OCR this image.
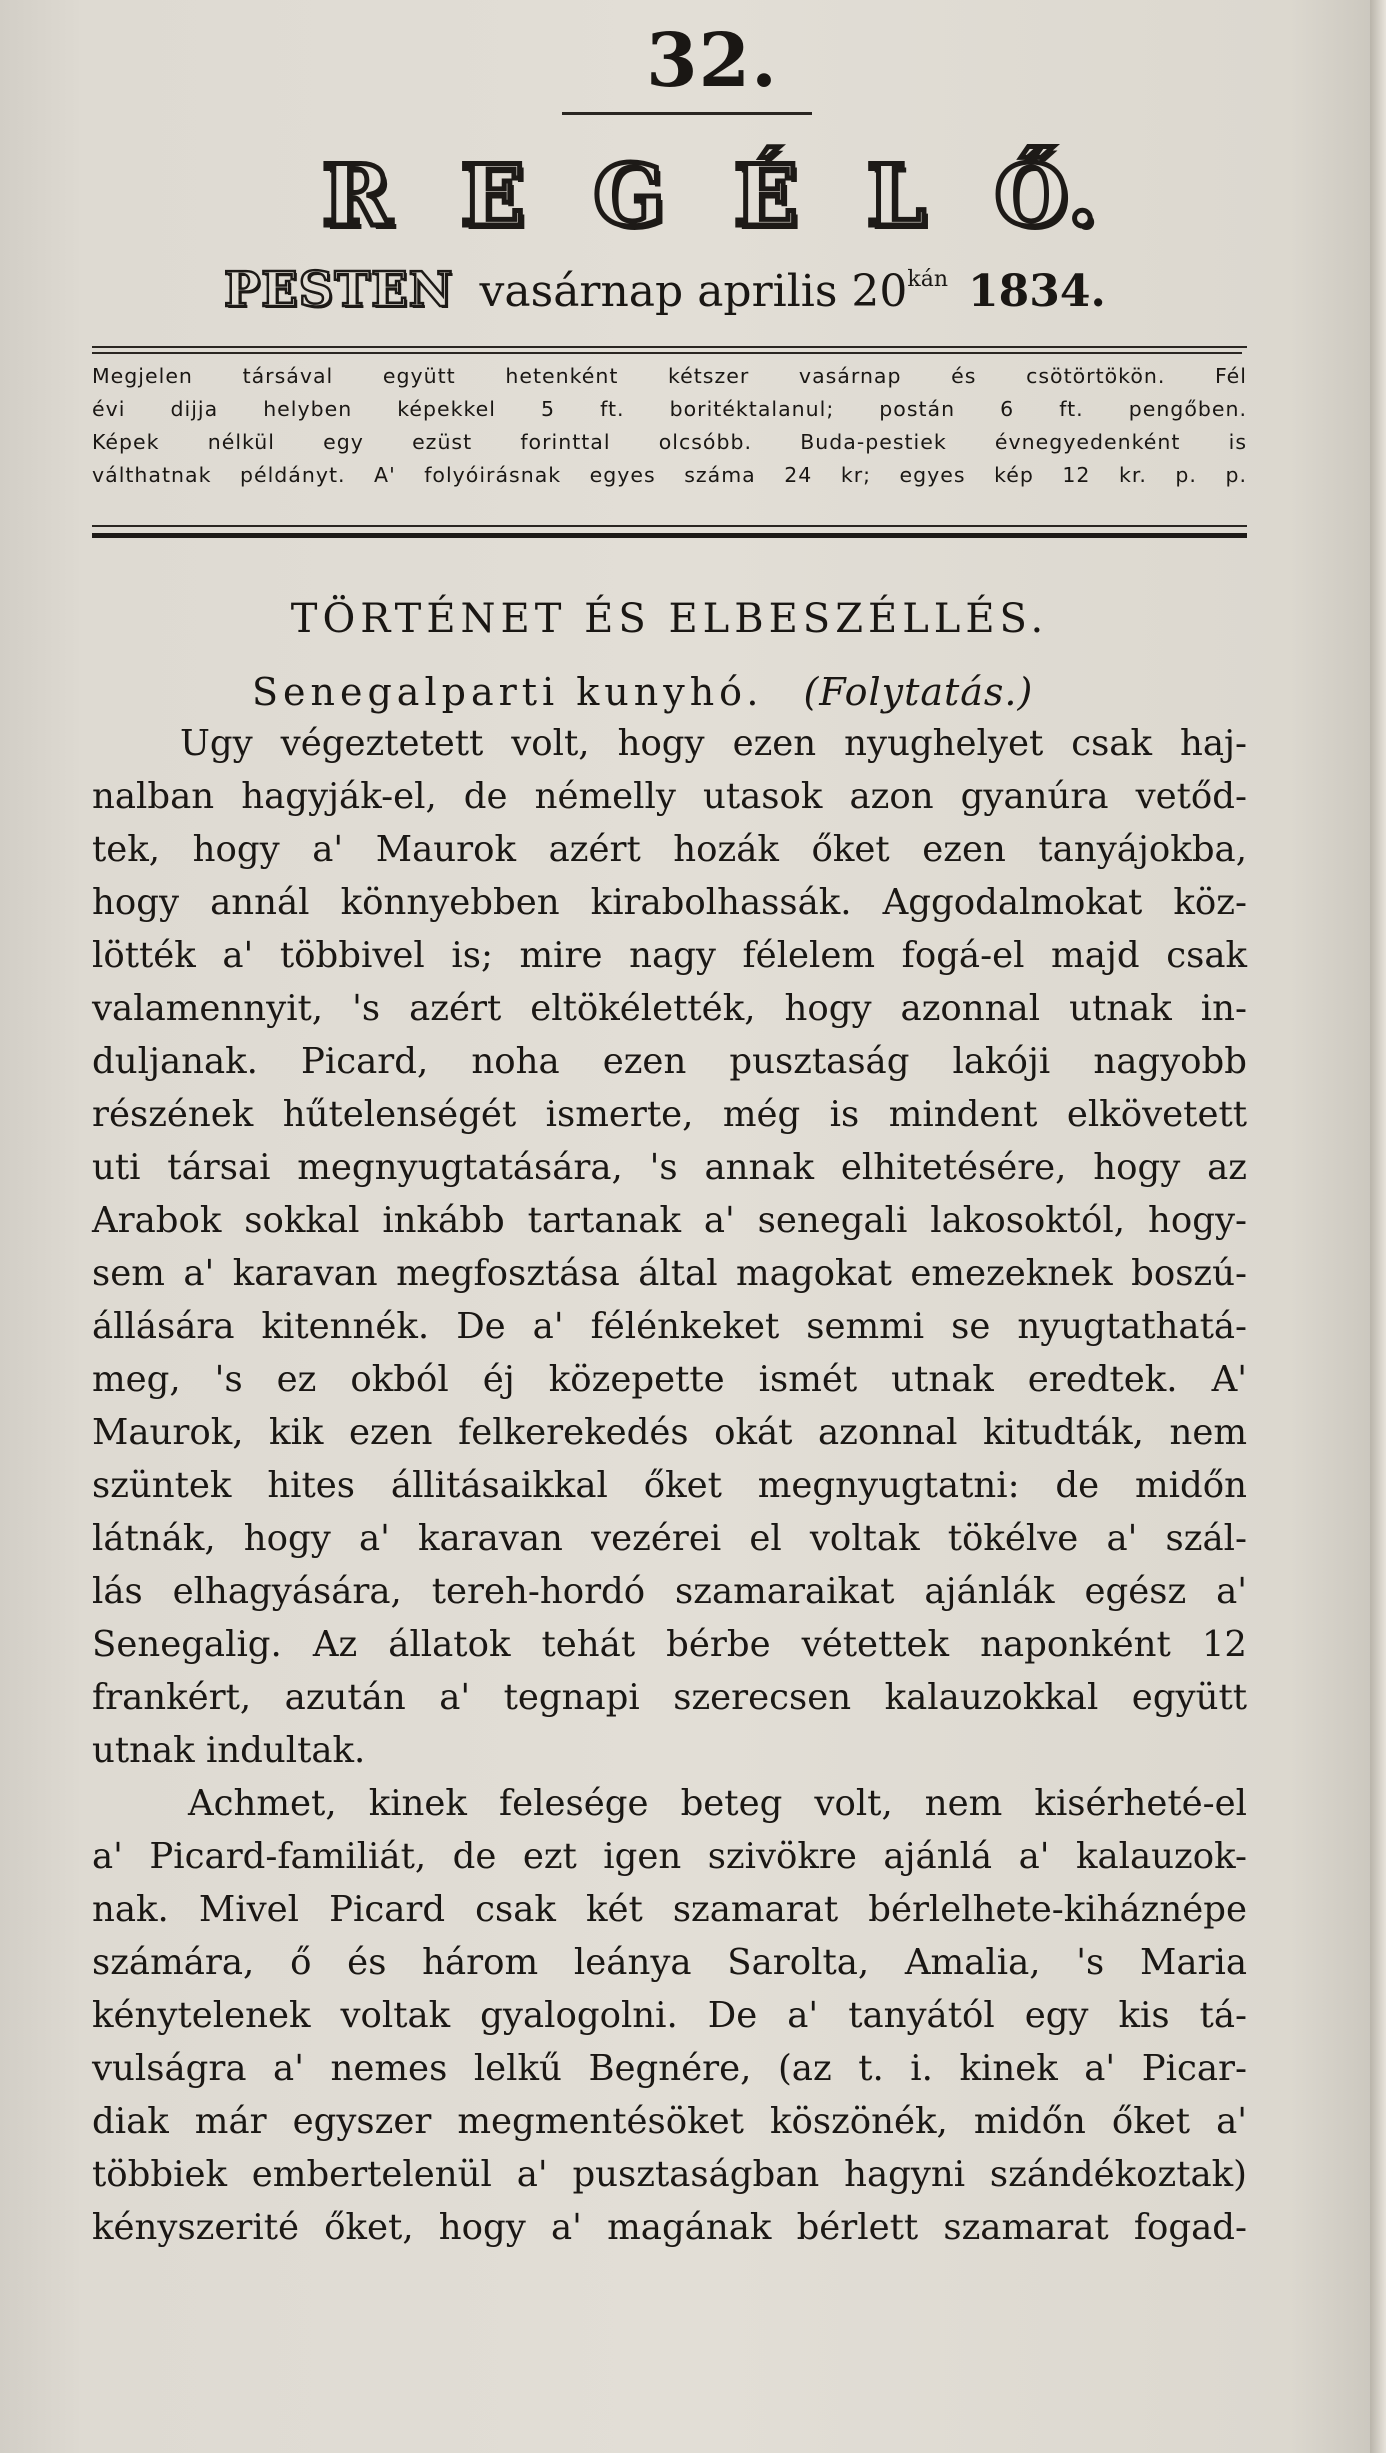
32.
R E G É L Ő.
PESTEN vasárnap aprilis $20^{kán}$ 1834.
Megjelen társával együtt hetenként kétszer vasárnap és csötörtökön. Fél
évi dijja helyben képekkel 5 ft. boritéktalanul; postán 6 ft. pengőben.
Képek nélkül egy ezüst forinttal olcsóbb. Buda-pestiek évnegyedenként is
válthatnak példányt. A' folyóirásnak egyes száma 24 kr; egyes kép 12 kr. p. p.
TÖRTÉNET ÉS ELBESZÉLLÉS.
Senegalparti kunyhó. (Folytatás.)
Ugy végeztetett volt, hogy ezen nyughelyet csak haj-
nalban hagyják-el, de némelly utasok azon gyanúra vetőd-
tek, hogy a' Maurok azért hozák őket ezen tanyájokba,
hogy annál könnyebben kirabolhassák. Aggodalmokat köz-
lötték a' többivel is; mire nagy félelem fogá-el majd csak
valamennyit, 's azért eltökélették, hogy azonnal utnak in-
duljanak. Picard, noha ezen pusztaság lakóji nagyobb
részének hűtelenségét ismerte, még is mindent elkövetett
uti társai megnyugtatására, 's annak elhitetésére, hogy az
Arabok sokkal inkább tartanak a' senegali lakosoktól, hogy-
sem a' karavan megfosztása által magokat emezeknek boszú-
állására kitennék. De a' félénkeket semmi se nyugtathatá-
meg, 's ez okból éj közepette ismét utnak eredtek. A'
Maurok, kik ezen felkerekedés okát azonnal kitudták, nem
szüntek hites állitásaikkal őket megnyugtatni: de midőn
látnák, hogy a' karavan vezérei el voltak tökélve a' szál-
lás elhagyására, tereh-hordó szamaraikat ajánlák egész a'
Senegalig. Az állatok tehát bérbe vétettek naponként 12
frankért, azután a' tegnapi szerecsen kalauzokkal együtt
utnak indultak.
Achmet, kinek felesége beteg volt, nem kisérheté-el
a' Picard-familiát, de ezt igen szivökre ajánlá a' kalauzok-
nak. Mivel Picard csak két szamarat bérlelhete-kiháznépe
számára, ő és három leánya Sarolta, Amalia, 's Maria
kénytelenek voltak gyalogolni. De a' tanyától egy kis tá-
vulságra a' nemes lelkű Begnére, (az t. i. kinek a' Picar-
diak már egyszer megmentésöket köszönék, midőn őket a'
többiek embertelenül a' pusztaságban hagyni szándékoztak)
kényszerité őket, hogy a' magának bérlett szamarat fogad-
